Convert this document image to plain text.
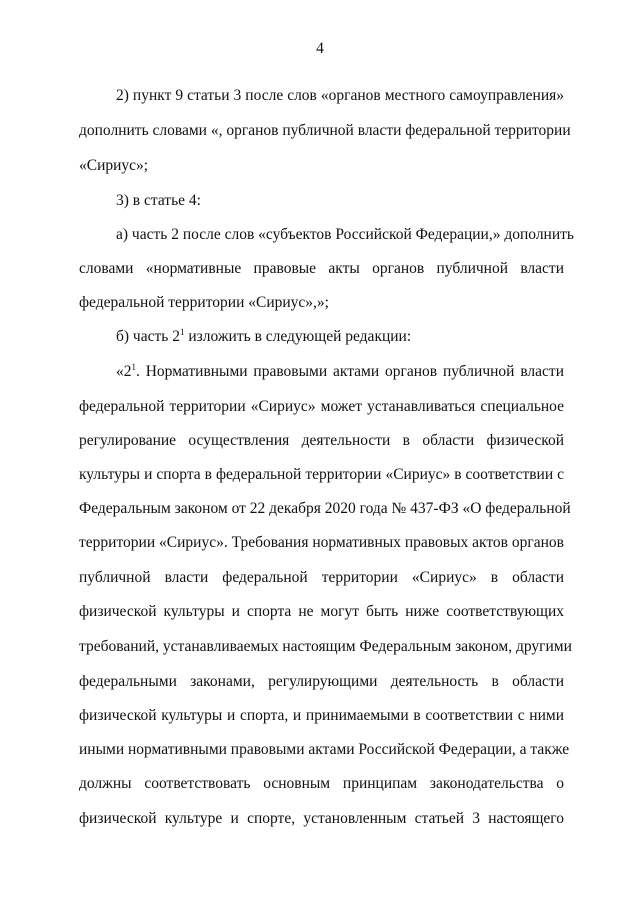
4
2) пункт 9 статьи 3 после слов «органов местного самоуправления»
дополнить словами «, органов публичной власти федеральной территории
«Сириус»;
3) в статье 4:
а) часть 2 после слов «субъектов Российской Федерации,» дополнить
словами «нормативные правовые акты органов публичной власти
федеральной территории «Сириус»,»;
б) часть $2^1$ изложить в следующей редакции:
«$2^1$. Нормативными правовыми актами органов публичной власти
федеральной территории «Сириус» может устанавливаться специальное
регулирование осуществления деятельности в области физической
культуры и спорта в федеральной территории «Сириус» в соответствии с
Федеральным законом от 22 декабря 2020 года № 437-ФЗ «О федеральной
территории «Сириус». Требования нормативных правовых актов органов
публичной власти федеральной территории «Сириус» в области
физической культуры и спорта не могут быть ниже соответствующих
требований, устанавливаемых настоящим Федеральным законом, другими
федеральными законами, регулирующими деятельность в области
физической культуры и спорта, и принимаемыми в соответствии с ними
иными нормативными правовыми актами Российской Федерации, а также
должны соответствовать основным принципам законодательства о
физической культуре и спорте, установленным статьей 3 настоящего
